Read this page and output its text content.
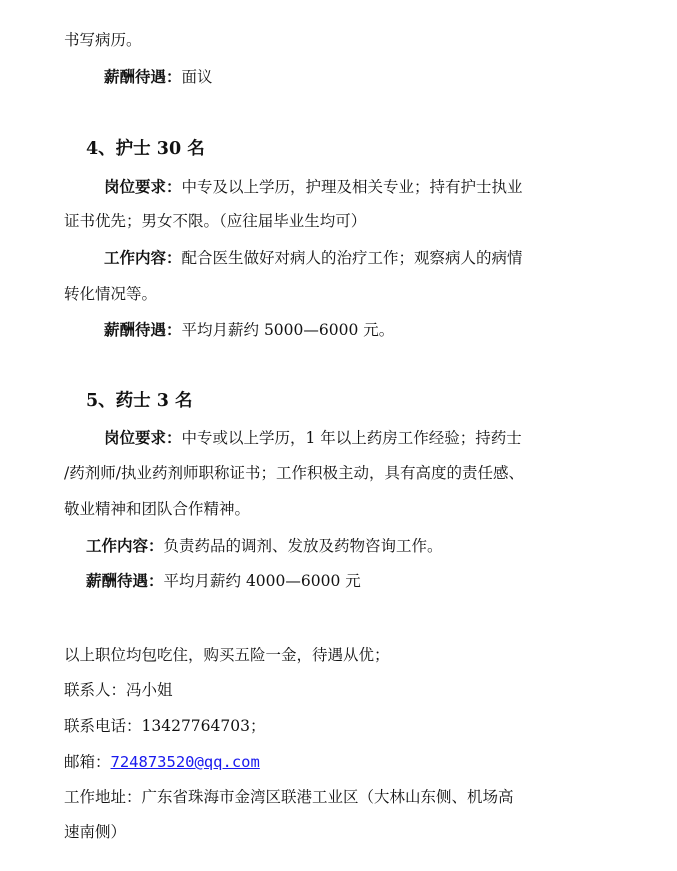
书写病历。
薪酬待遇：面议
4、护士 30 名
岗位要求：中专及以上学历，护理及相关专业；持有护士执业
证书优先；男女不限。（应往届毕业生均可）
工作内容：配合医生做好对病人的治疗工作；观察病人的病情
转化情况等。
薪酬待遇：平均月薪约 5000—6000 元。
5、药士 3 名
岗位要求：中专或以上学历，1 年以上药房工作经验；持药士
/药剂师/执业药剂师职称证书；工作积极主动，具有高度的责任感、
敬业精神和团队合作精神。
工作内容：负责药品的调剂、发放及药物咨询工作。
薪酬待遇：平均月薪约 4000—6000 元
以上职位均包吃住，购买五险一金，待遇从优；
联系人：冯小姐
联系电话：13427764703；
邮箱：724873520@qq.com
工作地址：广东省珠海市金湾区联港工业区（大林山东侧、机场高
速南侧）
